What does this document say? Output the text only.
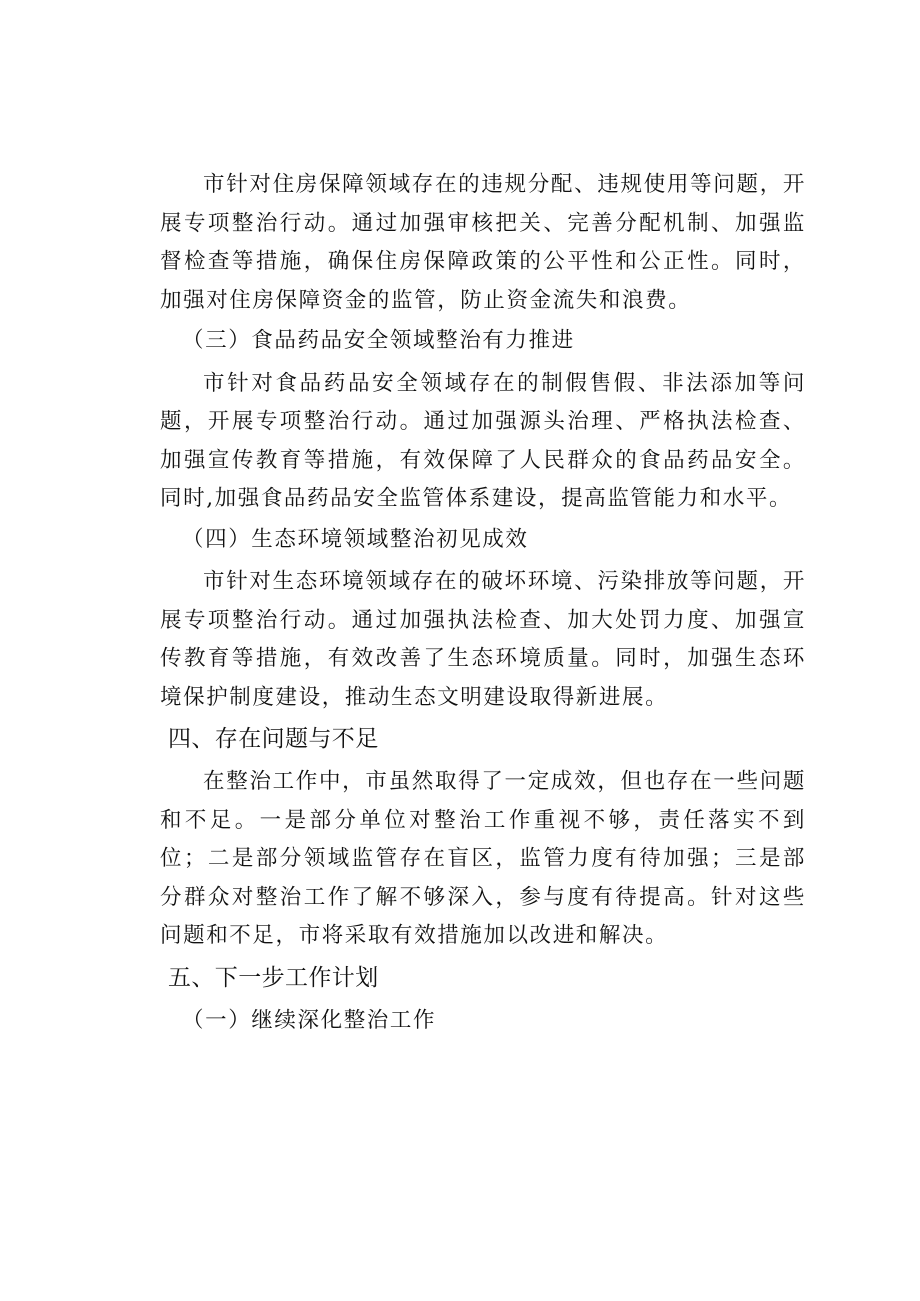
市针对住房保障领域存在的违规分配、违规使用等问题，开展专项整治行动。通过加强审核把关、完善分配机制、加强监督检查等措施，确保住房保障政策的公平性和公正性。同时，加强对住房保障资金的监管，防止资金流失和浪费。

（三）食品药品安全领域整治有力推进

市针对食品药品安全领域存在的制假售假、非法添加等问题，开展专项整治行动。通过加强源头治理、严格执法检查、加强宣传教育等措施，有效保障了人民群众的食品药品安全。同时,加强食品药品安全监管体系建设，提高监管能力和水平。

（四）生态环境领域整治初见成效

市针对生态环境领域存在的破坏环境、污染排放等问题，开展专项整治行动。通过加强执法检查、加大处罚力度、加强宣传教育等措施，有效改善了生态环境质量。同时，加强生态环境保护制度建设，推动生态文明建设取得新进展。

四、存在问题与不足

在整治工作中，市虽然取得了一定成效，但也存在一些问题和不足。一是部分单位对整治工作重视不够，责任落实不到位；二是部分领域监管存在盲区，监管力度有待加强；三是部分群众对整治工作了解不够深入，参与度有待提高。针对这些问题和不足，市将采取有效措施加以改进和解决。

五、下一步工作计划

（一）继续深化整治工作
